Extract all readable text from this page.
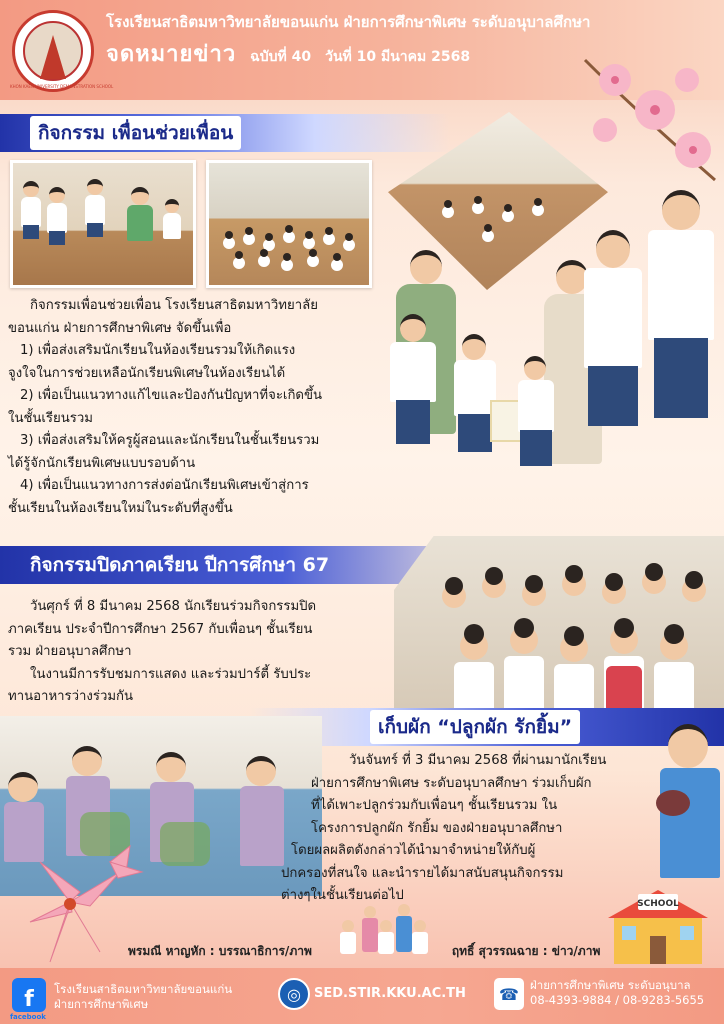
โรงเรียนสาธิตมหาวิทยาลัยขอนแก่น ฝ่ายการศึกษาพิเศษ ระดับอนุบาลศึกษา
จดหมายข่าว ฉบับที่ 40 วันที่ 10 มีนาคม 2568
กิจกรรม เพื่อนช่วยเพื่อน
กิจกรรมเพื่อนช่วยเพื่อน โรงเรียนสาธิตมหาวิทยาลัย
ขอนแก่น ฝ่ายการศึกษาพิเศษ จัดขึ้นเพื่อ
1) เพื่อส่งเสริมนักเรียนในห้องเรียนรวมให้เกิดแรง
จูงใจในการช่วยเหลือนักเรียนพิเศษในห้องเรียนได้
2) เพื่อเป็นแนวทางแก้ไขและป้องกันปัญหาที่จะเกิดขึ้น
ในชั้นเรียนรวม
3) เพื่อส่งเสริมให้ครูผู้สอนและนักเรียนในชั้นเรียนรวม
ได้รู้จักนักเรียนพิเศษแบบรอบด้าน
4) เพื่อเป็นแนวทางการส่งต่อนักเรียนพิเศษเข้าสู่การ
ชั้นเรียนในห้องเรียนใหม่ในระดับที่สูงขึ้น
กิจกรรมปิดภาคเรียน ปีการศึกษา 67
วันศุกร์ ที่ 8 มีนาคม 2568 นักเรียนร่วมกิจกรรมปิด
ภาคเรียน ประจำปีการศึกษา 2567 กับเพื่อนๆ ชั้นเรียน
รวม ฝ่ายอนุบาลศึกษา
ในงานมีการรับชมการแสดง และร่วมปาร์ตี้ รับประ
ทานอาหารว่างร่วมกัน
เก็บผัก “ปลูกผัก รักยิ้ม”
วันจันทร์ ที่ 3 มีนาคม 2568 ที่ผ่านมานักเรียน
ฝ่ายการศึกษาพิเศษ ระดับอนุบาลศึกษา ร่วมเก็บผัก
ที่ได้เพาะปลูกร่วมกับเพื่อนๆ ชั้นเรียนรวม ใน
โครงการปลูกผัก รักยิ้ม ของฝ่ายอนุบาลศึกษา
โดยผลผลิตดังกล่าวได้นำมาจำหน่ายให้กับผู้
ปกครองที่สนใจ และนำรายได้มาสนับสนุนกิจกรรม
ต่างๆในชั้นเรียนต่อไป
พรมณี หาญหัก : บรรณาธิการ/ภาพ	ฤทธิ์ สุวรรณฉาย : ข่าว/ภาพ
SCHOOL
f
facebook
โรงเรียนสาธิตมหาวิทยาลัยขอนแก่น
ฝ่ายการศึกษาพิเศษ
◎	SED.STIR.KKU.AC.TH	☎ ฝ่ายการศึกษาพิเศษ ระดับอนุบาล
08-4393-9884 / 08-9283-5655
KHON KAEN UNIVERSITY DEMONSTRATION SCHOOL
